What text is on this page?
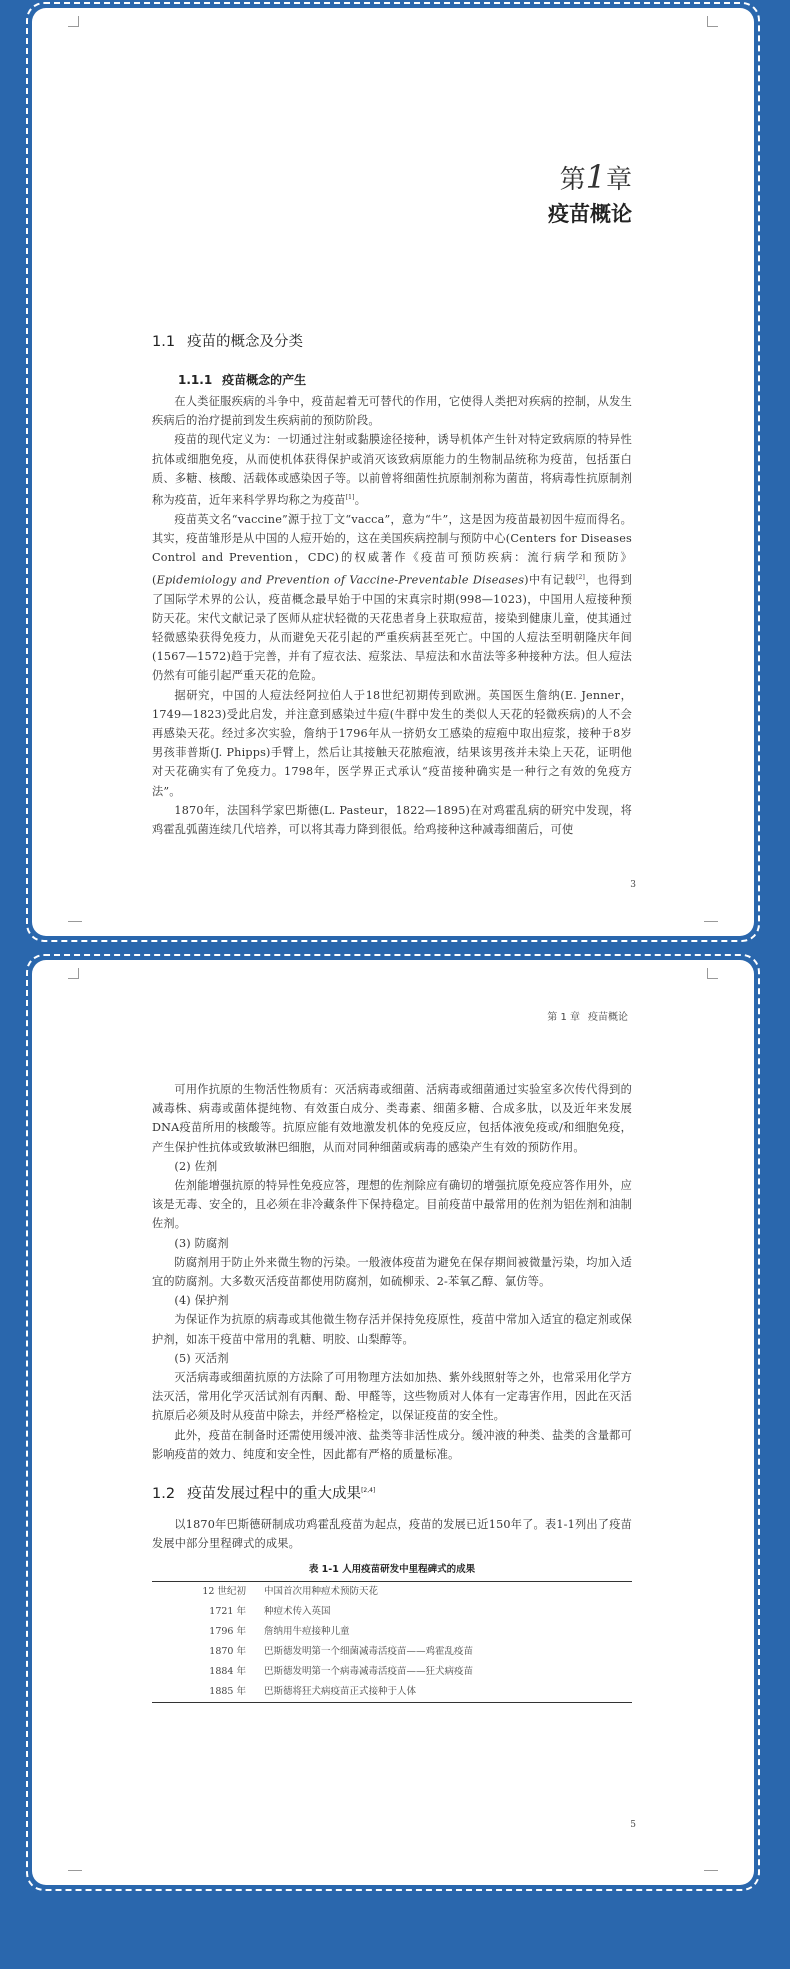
第1章
疫苗概论
1.1 疫苗的概念及分类
1.1.1 疫苗概念的产生

在人类征服疾病的斗争中，疫苗起着无可替代的作用，它使得人类把对疾病的控制，从发生疾病后的治疗提前到发生疾病前的预防阶段。

疫苗的现代定义为：一切通过注射或黏膜途径接种，诱导机体产生针对特定致病原的特异性抗体或细胞免疫，从而使机体获得保护或消灭该致病原能力的生物制品统称为疫苗，包括蛋白质、多糖、核酸、活载体或感染因子等。以前曾将细菌性抗原制剂称为菌苗，将病毒性抗原制剂称为疫苗，近年来科学界均称之为疫苗[1]。

疫苗英文名“vaccine”源于拉丁文“vacca”，意为“牛”，这是因为疫苗最初因牛痘而得名。其实，疫苗雏形是从中国的人痘开始的，这在美国疾病控制与预防中心(Centers for Diseases Control and Prevention，CDC)的权威著作《疫苗可预防疾病：流行病学和预防》(Epidemiology and Prevention of Vaccine-Preventable Diseases)中有记载[2]，也得到了国际学术界的公认，疫苗概念最早始于中国的宋真宗时期(998—1023)，中国用人痘接种预防天花。宋代文献记录了医师从症状轻微的天花患者身上获取痘苗，接染到健康儿童，使其通过轻微感染获得免疫力，从而避免天花引起的严重疾病甚至死亡。中国的人痘法至明朝隆庆年间(1567—1572)趋于完善，并有了痘衣法、痘浆法、旱痘法和水苗法等多种接种方法。但人痘法仍然有可能引起严重天花的危险。

据研究，中国的人痘法经阿拉伯人于18世纪初期传到欧洲。英国医生詹纳(E. Jenner，1749—1823)受此启发，并注意到感染过牛痘(牛群中发生的类似人天花的轻微疾病)的人不会再感染天花。经过多次实验，詹纳于1796年从一挤奶女工感染的痘疱中取出痘浆，接种于8岁男孩菲普斯(J. Phipps)手臂上，然后让其接触天花脓疱液，结果该男孩并未染上天花，证明他对天花确实有了免疫力。1798年，医学界正式承认“疫苗接种确实是一种行之有效的免疫方法”。

1870年，法国科学家巴斯德(L. Pasteur，1822—1895)在对鸡霍乱病的研究中发现，将鸡霍乱弧菌连续几代培养，可以将其毒力降到很低。给鸡接种这种减毒细菌后，可使

3
第 1 章 疫苗概论

可用作抗原的生物活性物质有：灭活病毒或细菌、活病毒或细菌通过实验室多次传代得到的减毒株、病毒或菌体提纯物、有效蛋白成分、类毒素、细菌多糖、合成多肽，以及近年来发展DNA疫苗所用的核酸等。抗原应能有效地激发机体的免疫反应，包括体液免疫或/和细胞免疫，产生保护性抗体或致敏淋巴细胞，从而对同种细菌或病毒的感染产生有效的预防作用。

(2) 佐剂

佐剂能增强抗原的特异性免疫应答，理想的佐剂除应有确切的增强抗原免疫应答作用外，应该是无毒、安全的，且必须在非冷藏条件下保持稳定。目前疫苗中最常用的佐剂为铝佐剂和油制佐剂。

(3) 防腐剂

防腐剂用于防止外来微生物的污染。一般液体疫苗为避免在保存期间被微量污染，均加入适宜的防腐剂。大多数灭活疫苗都使用防腐剂，如硫柳汞、2-苯氧乙醇、氯仿等。

(4) 保护剂

为保证作为抗原的病毒或其他微生物存活并保持免疫原性，疫苗中常加入适宜的稳定剂或保护剂，如冻干疫苗中常用的乳糖、明胶、山梨醇等。

(5) 灭活剂

灭活病毒或细菌抗原的方法除了可用物理方法如加热、紫外线照射等之外，也常采用化学方法灭活，常用化学灭活试剂有丙酮、酚、甲醛等，这些物质对人体有一定毒害作用，因此在灭活抗原后必须及时从疫苗中除去，并经严格检定，以保证疫苗的安全性。

此外，疫苗在制备时还需使用缓冲液、盐类等非活性成分。缓冲液的种类、盐类的含量都可影响疫苗的效力、纯度和安全性，因此都有严格的质量标准。

1.2 疫苗发展过程中的重大成果[2,4]

以1870年巴斯德研制成功鸡霍乱疫苗为起点，疫苗的发展已近150年了。表1-1列出了疫苗发展中部分里程碑式的成果。

表 1-1 人用疫苗研发中里程碑式的成果
12 世纪初	中国首次用种痘术预防天花
1721 年	种痘术传入英国
1796 年	詹纳用牛痘接种儿童
1870 年	巴斯德发明第一个细菌减毒活疫苗——鸡霍乱疫苗
1884 年	巴斯德发明第一个病毒减毒活疫苗——狂犬病疫苗
1885 年	巴斯德将狂犬病疫苗正式接种于人体
5
